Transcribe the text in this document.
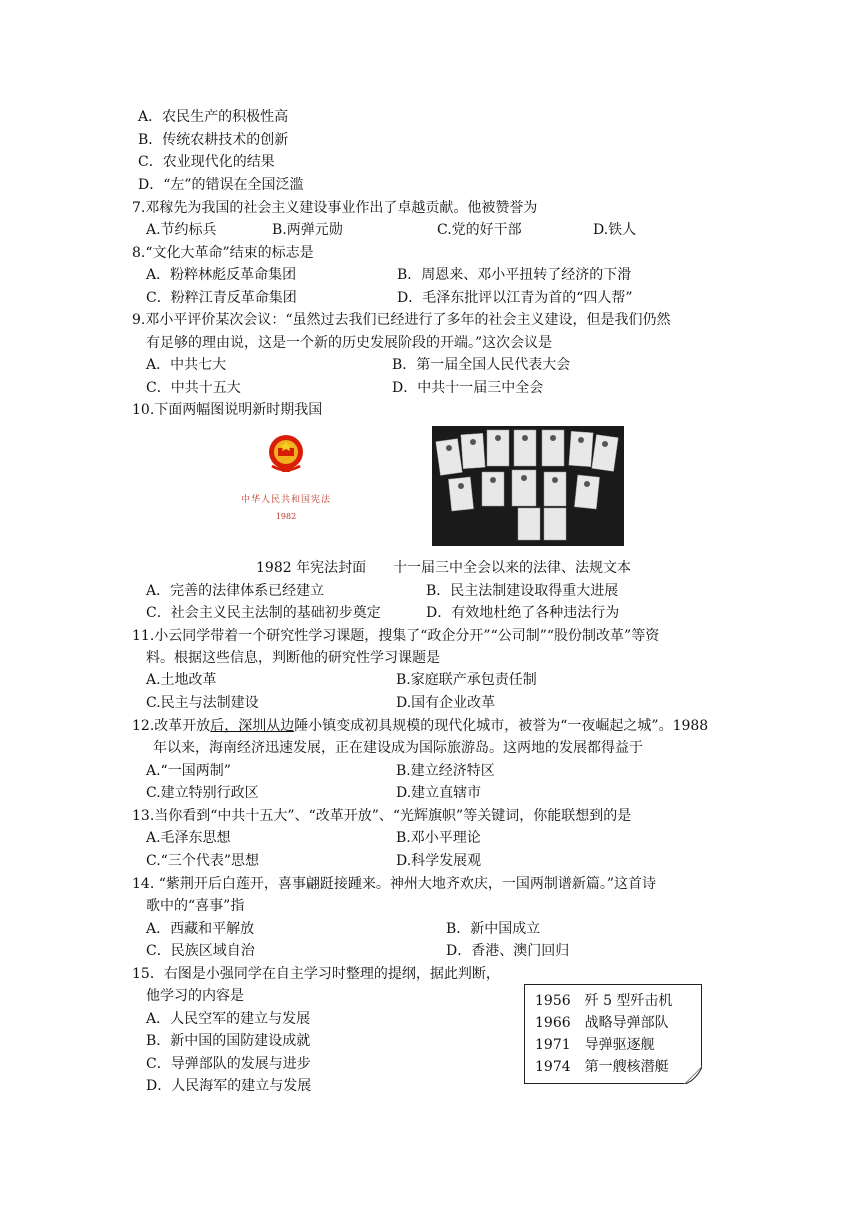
A．农民生产的积极性高
B．传统农耕技术的创新
C．农业现代化的结果
D．“左”的错误在全国泛滥
7.邓稼先为我国的社会主义建设事业作出了卓越贡献。他被赞誉为
A.节约标兵	B.两弹元勋	C.党的好干部	D.铁人
8.“文化大革命”结束的标志是
A．粉粹林彪反革命集团	B．周恩来、邓小平扭转了经济的下滑
C．粉粹江青反革命集团	D．毛泽东批评以江青为首的“四人帮”
9.邓小平评价某次会议：“虽然过去我们已经进行了多年的社会主义建设，但是我们仍然
有足够的理由说，这是一个新的历史发展阶段的开端。”这次会议是
A．中共七大	B．第一届全国人民代表大会
C．中共十五大	D．中共十一届三中全会
10.下面两幅图说明新时期我国
中华人民共和国宪法
1982
1982 年宪法封面 十一届三中全会以来的法律、法规文本
A．完善的法律体系已经建立	B．民主法制建设取得重大进展
C．社会主义民主法制的基础初步奠定	D．有效地杜绝了各种违法行为
11.小云同学带着一个研究性学习课题，搜集了“政企分开”“公司制”“股份制改革”等资
料。根据这些信息，判断他的研究性学习课题是
A.土地改革	B.家庭联产承包责任制
C.民主与法制建设	D.国有企业改革
12.改革开放后，深圳从边陲小镇变成初具规模的现代化城市，被誉为“一夜崛起之城”。1988
年以来，海南经济迅速发展，正在建设成为国际旅游岛。这两地的发展都得益于
A.“一国两制”	B.建立经济特区
C.建立特别行政区	D.建立直辖市
13.当你看到“中共十五大”、“改革开放”、“光辉旗帜”等关键词，你能联想到的是
A.毛泽东思想	B.邓小平理论
C.“三个代表”思想	D.科学发展观
14. “紫荆开后白莲开，喜事翩跹接踵来。神州大地齐欢庆，一国两制谱新篇。”这首诗
歌中的“喜事”指
A．西藏和平解放	B．新中国成立
C．民族区域自治	D．香港、澳门回归
15．右图是小强同学在自主学习时整理的提纲，据此判断，
他学习的内容是
A．人民空军的建立与发展
B．新中国的国防建设成就
C．导弹部队的发展与进步
D．人民海军的建立与发展
1956　歼 5 型歼击机
1966　战略导弹部队
1971　导弹驱逐舰
1974　第一艘核潜艇
